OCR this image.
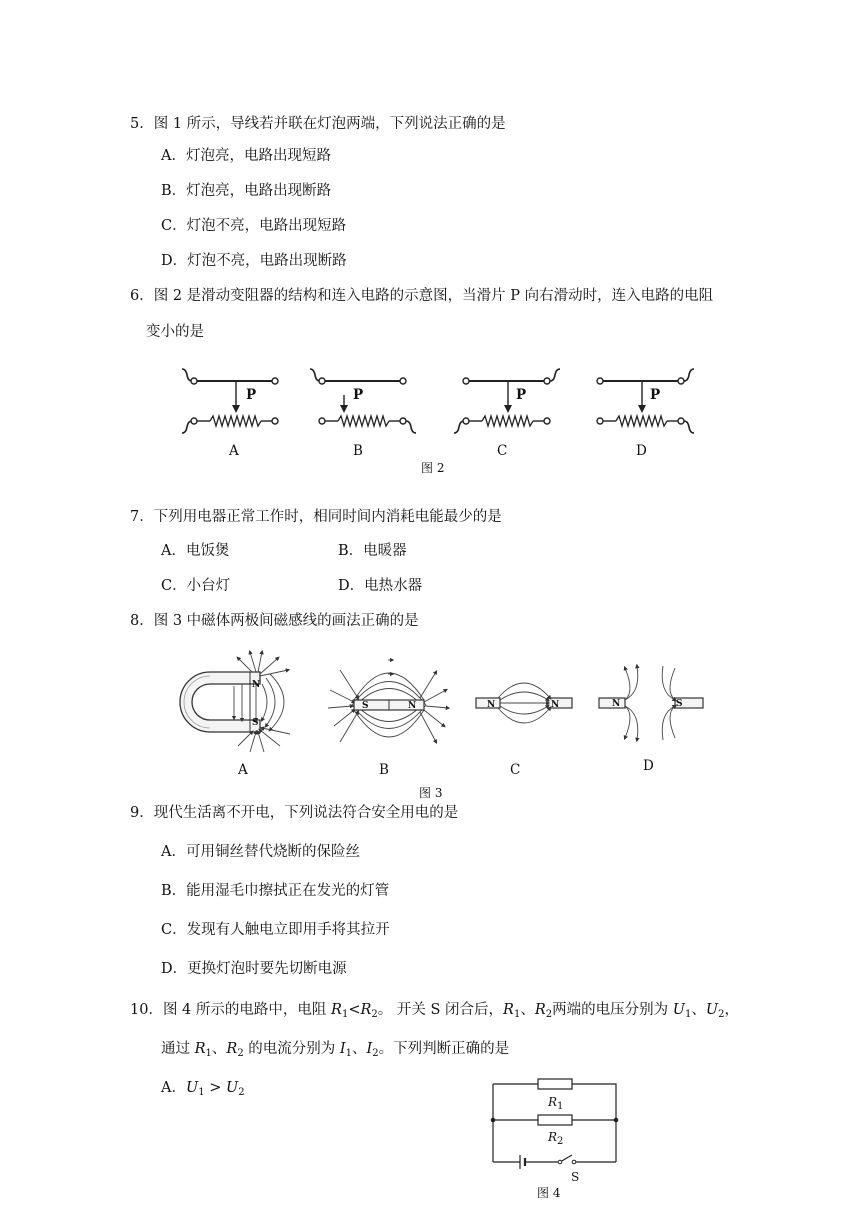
5．图 1 所示，导线若并联在灯泡两端，下列说法正确的是
A．灯泡亮，电路出现短路
B．灯泡亮，电路出现断路
C．灯泡不亮，电路出现短路
D．灯泡不亮，电路出现断路
6．图 2 是滑动变阻器的结构和连入电路的示意图，当滑片 P 向右滑动时，连入电路的电阻
变小的是
P	P	P	P
A	B	C	D
图 2
7．下列用电器正常工作时，相同时间内消耗电能最少的是
A．电饭煲	B．电暖器
C．小台灯	D．电热水器
8．图 3 中磁体两极间磁感线的画法正确的是
N
S
S	N	N	N	N	S
A	B	C	D
图 3
9．现代生活离不开电，下列说法符合安全用电的是
A．可用铜丝替代烧断的保险丝
B．能用湿毛巾擦拭正在发光的灯管
C．发现有人触电立即用手将其拉开
D．更换灯泡时要先切断电源
10．图 4 所示的电路中，电阻 $R_1<R_2$。 开关 S 闭合后，$R_1$、$R_2$两端的电压分别为 $U_1$、$U_2$，
通过 $R_1$、$R_2$ 的电流分别为 $I_1$、$I_2$。下列判断正确的是
A．$U_1 > U_2$
$R_1$
$R_2$
S
图 4
